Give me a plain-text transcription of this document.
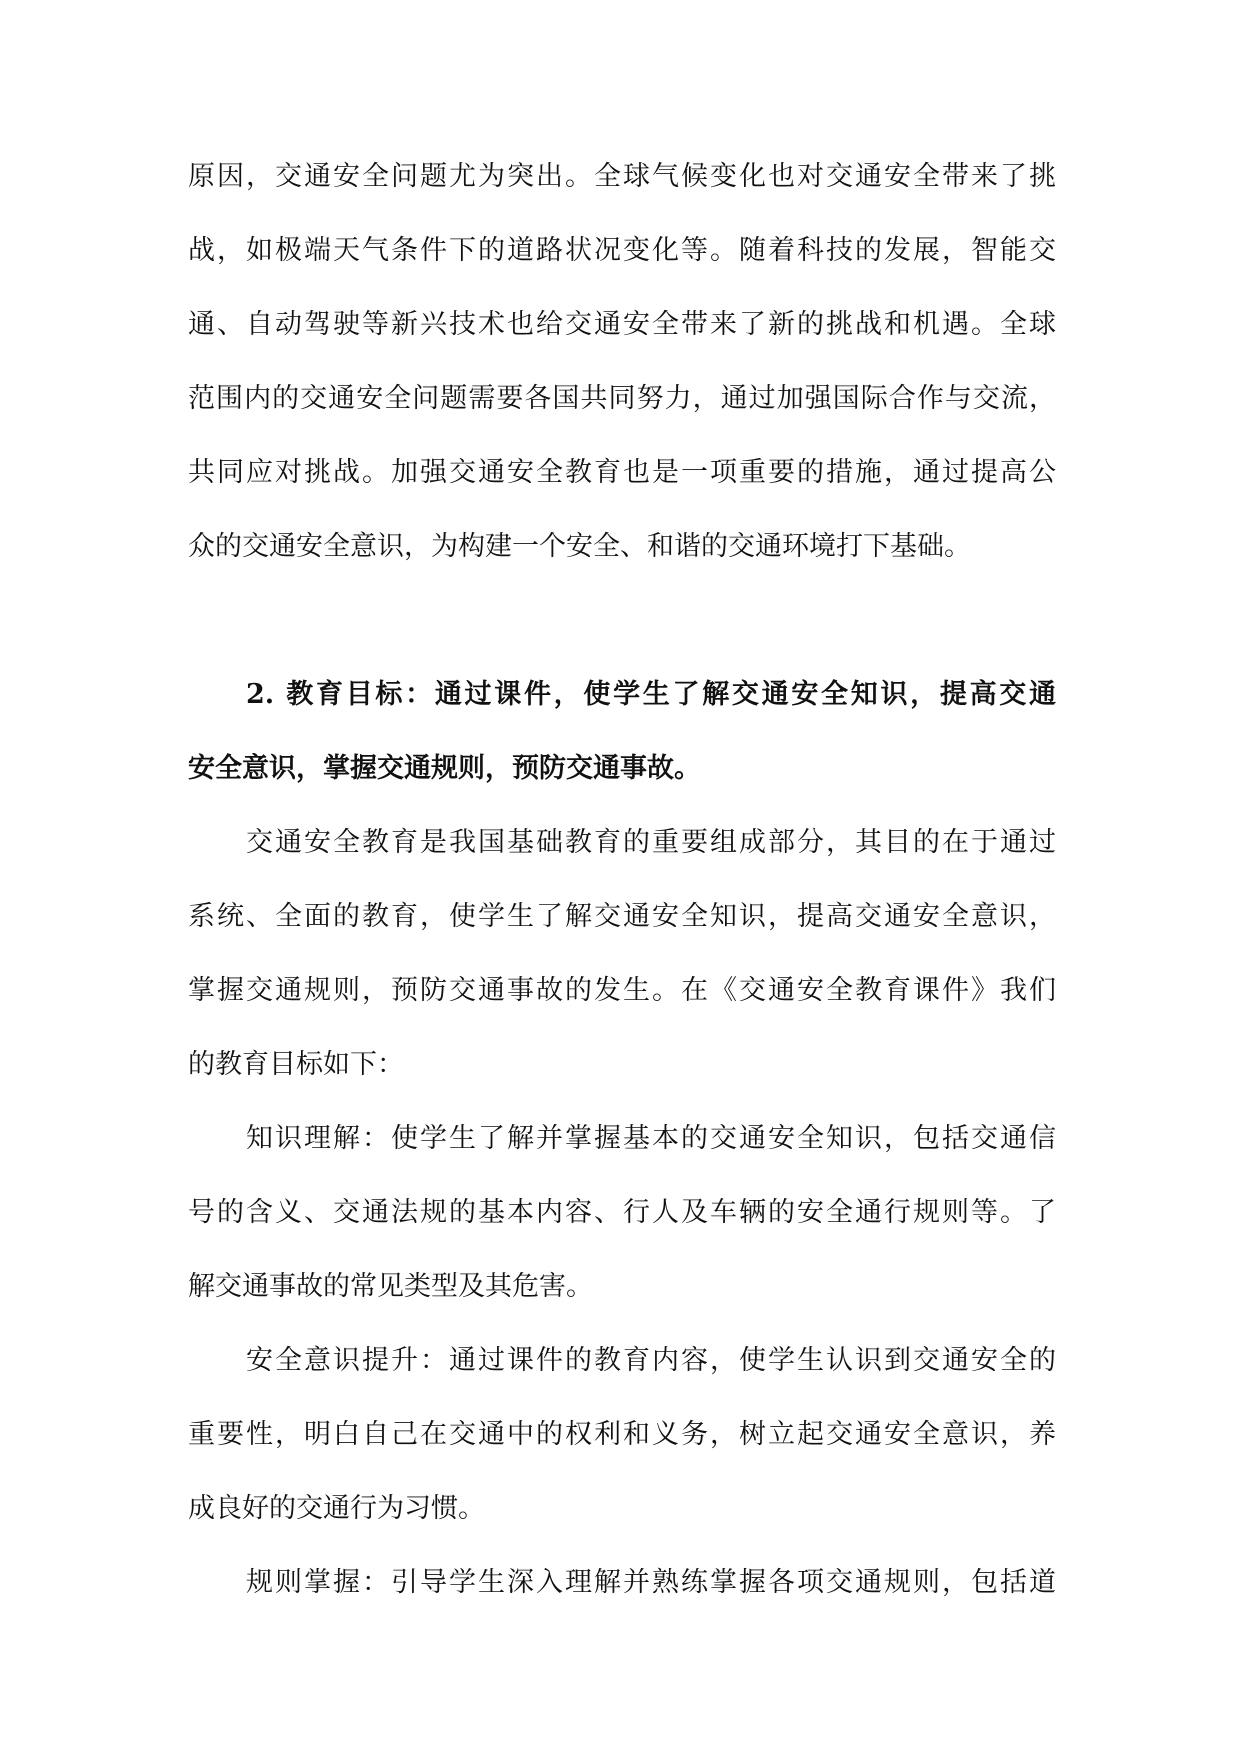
原因，交通安全问题尤为突出。全球气候变化也对交通安全带来了挑
战，如极端天气条件下的道路状况变化等。随着科技的发展，智能交
通、自动驾驶等新兴技术也给交通安全带来了新的挑战和机遇。全球
范围内的交通安全问题需要各国共同努力，通过加强国际合作与交流，
共同应对挑战。加强交通安全教育也是一项重要的措施，通过提高公
众的交通安全意识，为构建一个安全、和谐的交通环境打下基础。
2. 教育目标：通过课件，使学生了解交通安全知识，提高交通
安全意识，掌握交通规则，预防交通事故。
交通安全教育是我国基础教育的重要组成部分，其目的在于通过
系统、全面的教育，使学生了解交通安全知识，提高交通安全意识，
掌握交通规则，预防交通事故的发生。在《交通安全教育课件》我们
的教育目标如下：
知识理解：使学生了解并掌握基本的交通安全知识，包括交通信
号的含义、交通法规的基本内容、行人及车辆的安全通行规则等。了
解交通事故的常见类型及其危害。
安全意识提升：通过课件的教育内容，使学生认识到交通安全的
重要性，明白自己在交通中的权利和义务，树立起交通安全意识，养
成良好的交通行为习惯。
规则掌握：引导学生深入理解并熟练掌握各项交通规则，包括道
